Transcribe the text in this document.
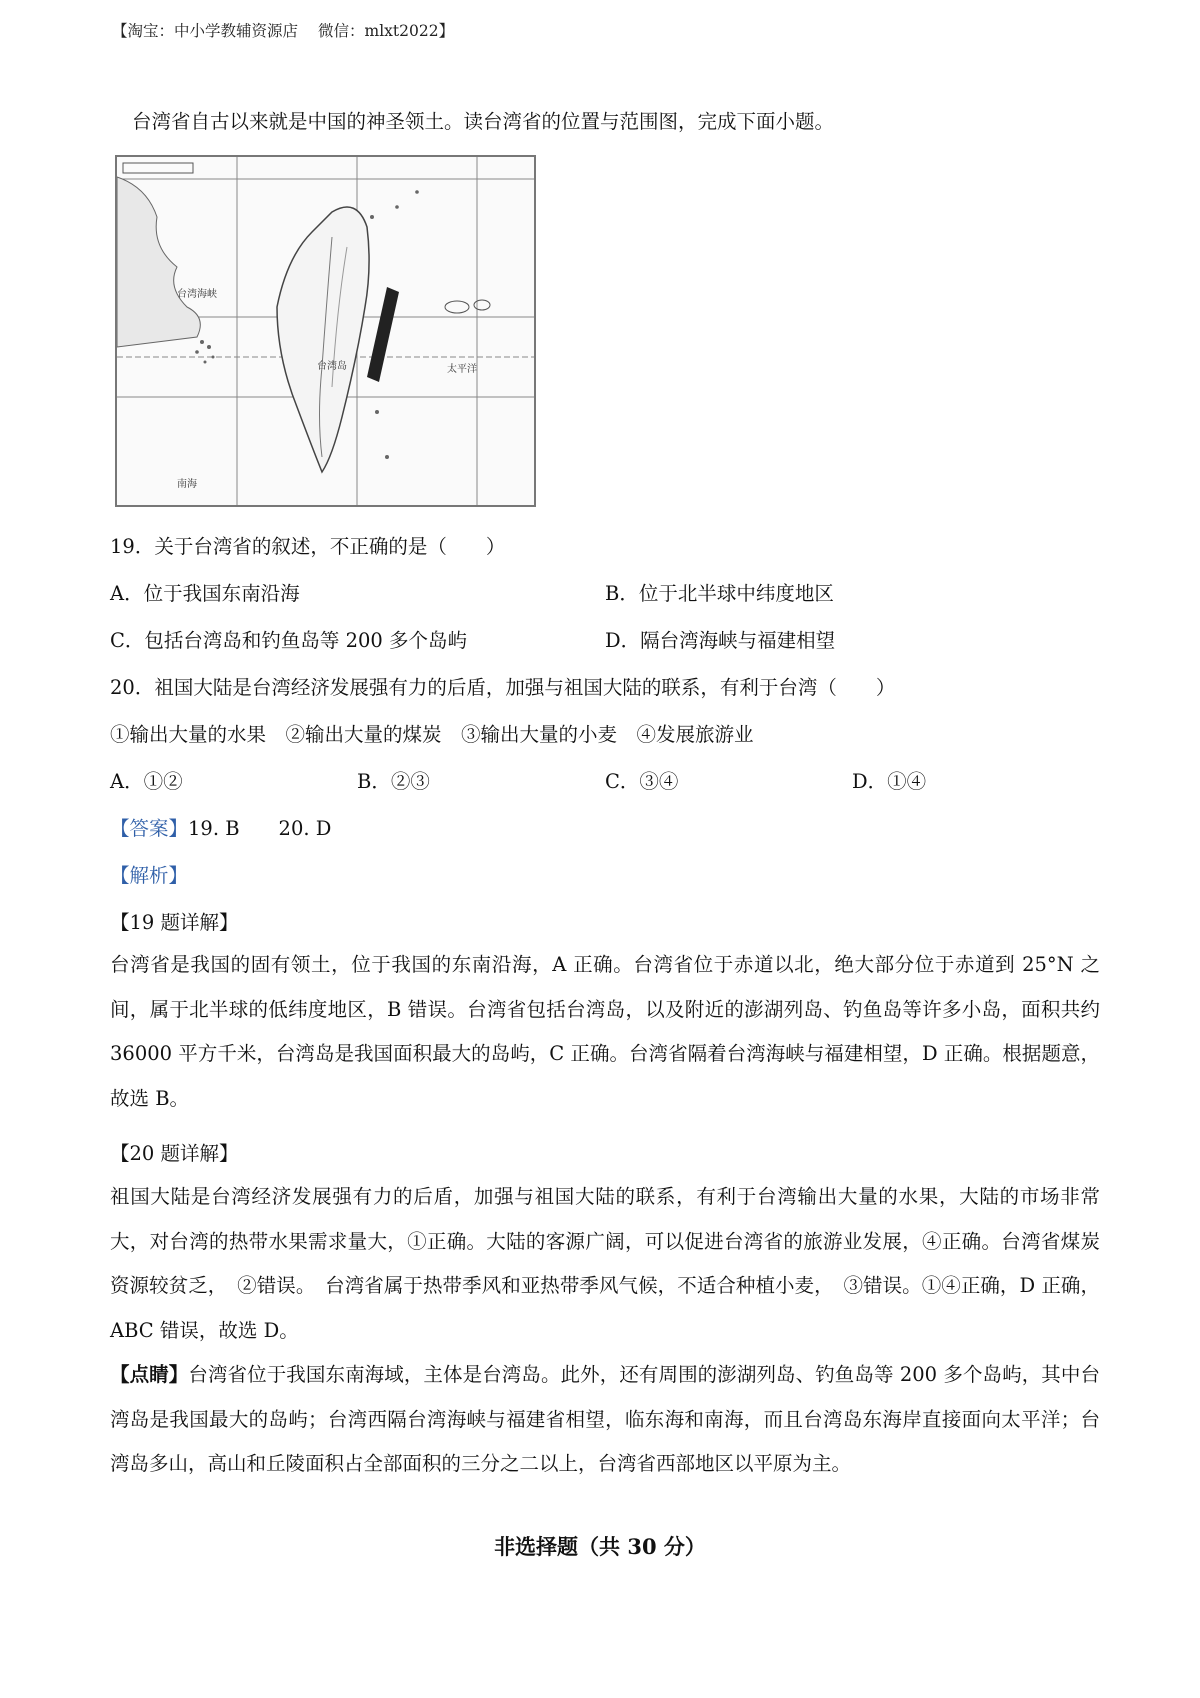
【淘宝：中小学教辅资源店 微信：mlxt2022】
台湾省自古以来就是中国的神圣领土。读台湾省的位置与范围图，完成下面小题。
台湾岛
南海
太平洋
台湾海峡
19．关于台湾省的叙述，不正确的是（　　）
A．位于我国东南沿海	B．位于北半球中纬度地区
C．包括台湾岛和钓鱼岛等 200 多个岛屿	D．隔台湾海峡与福建相望
20．祖国大陆是台湾经济发展强有力的后盾，加强与祖国大陆的联系，有利于台湾（　　）
①输出大量的水果　②输出大量的煤炭　③输出大量的小麦　④发展旅游业
A．①②	B．②③	C．③④	D．①④
【答案】19. B　　20. D
【解析】
【19 题详解】
台湾省是我国的固有领土，位于我国的东南沿海，A 正确。台湾省位于赤道以北，绝大部分位于赤道到 25°N 之间，属于北半球的低纬度地区，B 错误。台湾省包括台湾岛，以及附近的澎湖列岛、钓鱼岛等许多小岛，面积共约 36000 平方千米，台湾岛是我国面积最大的岛屿，C 正确。台湾省隔着台湾海峡与福建相望，D 正确。根据题意，故选 B。
【20 题详解】
祖国大陆是台湾经济发展强有力的后盾，加强与祖国大陆的联系，有利于台湾输出大量的水果，大陆的市场非常大，对台湾的热带水果需求量大，①正确。大陆的客源广阔，可以促进台湾省的旅游业发展，④正确。台湾省煤炭资源较贫乏，　②错误。　台湾省属于热带季风和亚热带季风气候，不适合种植小麦，　③错误。①④正确，D 正确，ABC 错误，故选 D。
【点睛】台湾省位于我国东南海域，主体是台湾岛。此外，还有周围的澎湖列岛、钓鱼岛等 200 多个岛屿，其中台湾岛是我国最大的岛屿；台湾西隔台湾海峡与福建省相望，临东海和南海，而且台湾岛东海岸直接面向太平洋；台湾岛多山，高山和丘陵面积占全部面积的三分之二以上，台湾省西部地区以平原为主。
非选择题（共 30 分）
